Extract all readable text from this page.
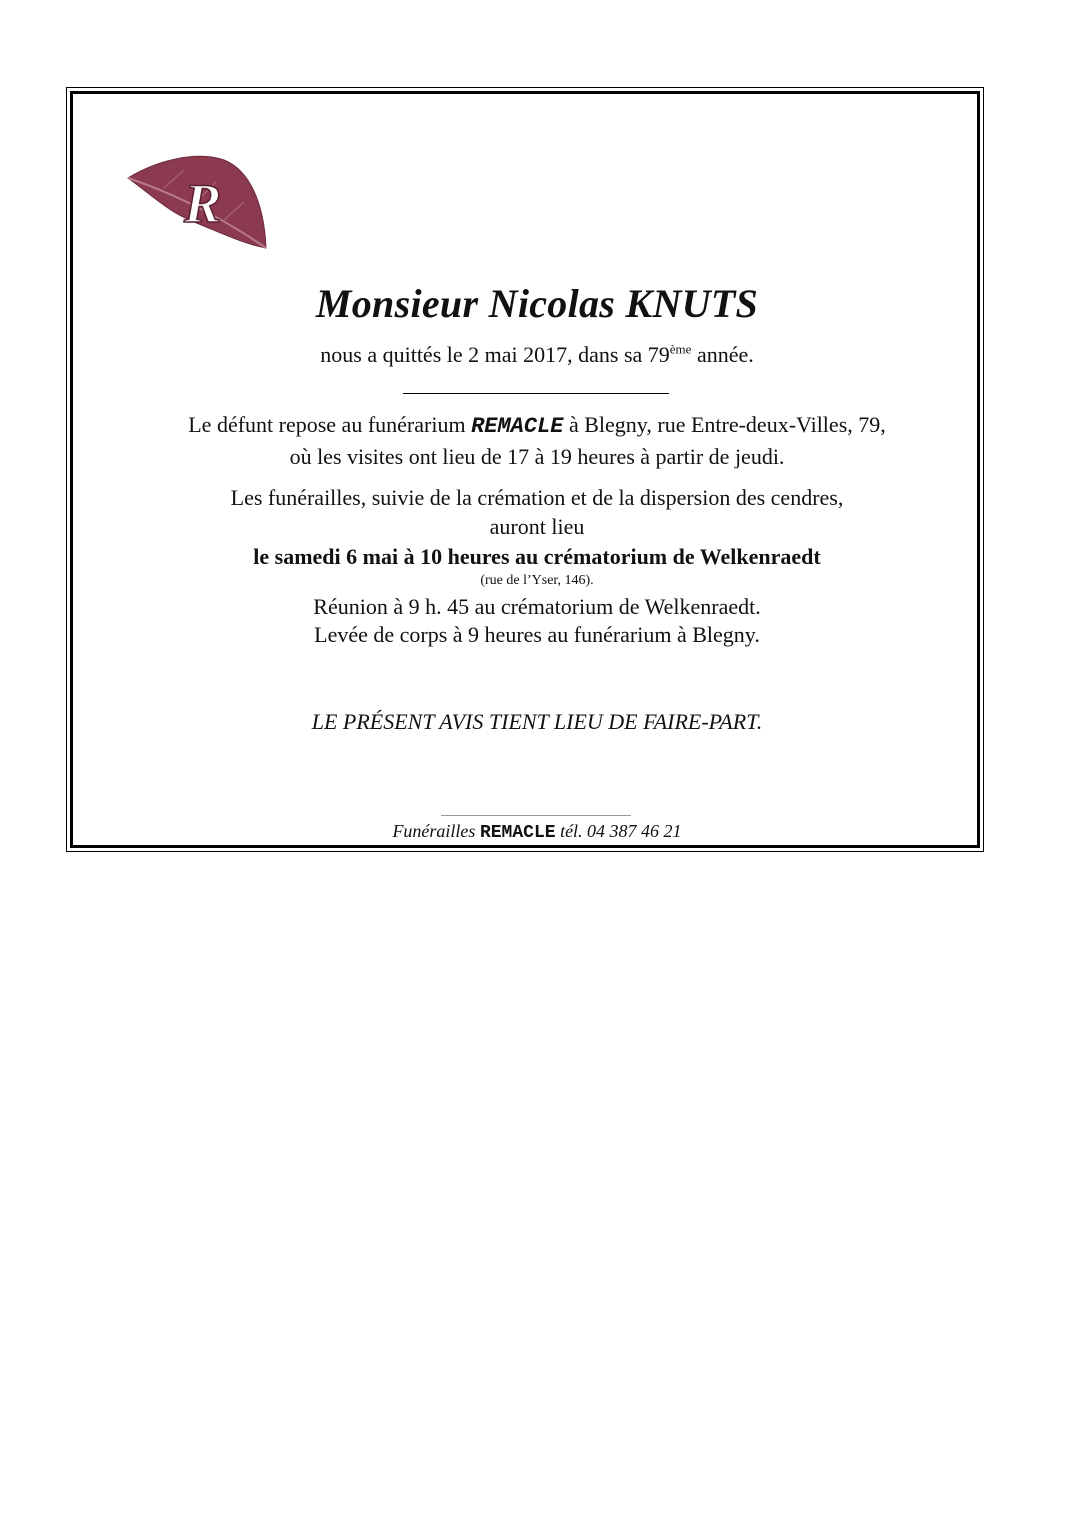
R
Monsieur Nicolas KNUTS
nous a quittés le 2 mai 2017, dans sa 79ème année.
Le défunt repose au funérarium REMACLE à Blegny, rue Entre-deux-Villes, 79,
où les visites ont lieu de 17 à 19 heures à partir de jeudi.
Les funérailles, suivie de la crémation et de la dispersion des cendres,
auront lieu
le samedi 6 mai à 10 heures au crématorium de Welkenraedt
(rue de l’Yser, 146).
Réunion à 9 h. 45 au crématorium de Welkenraedt.
Levée de corps à 9 heures au funérarium à Blegny.
LE PRÉSENT AVIS TIENT LIEU DE FAIRE-PART.
Funérailles REMACLE tél. 04 387 46 21
